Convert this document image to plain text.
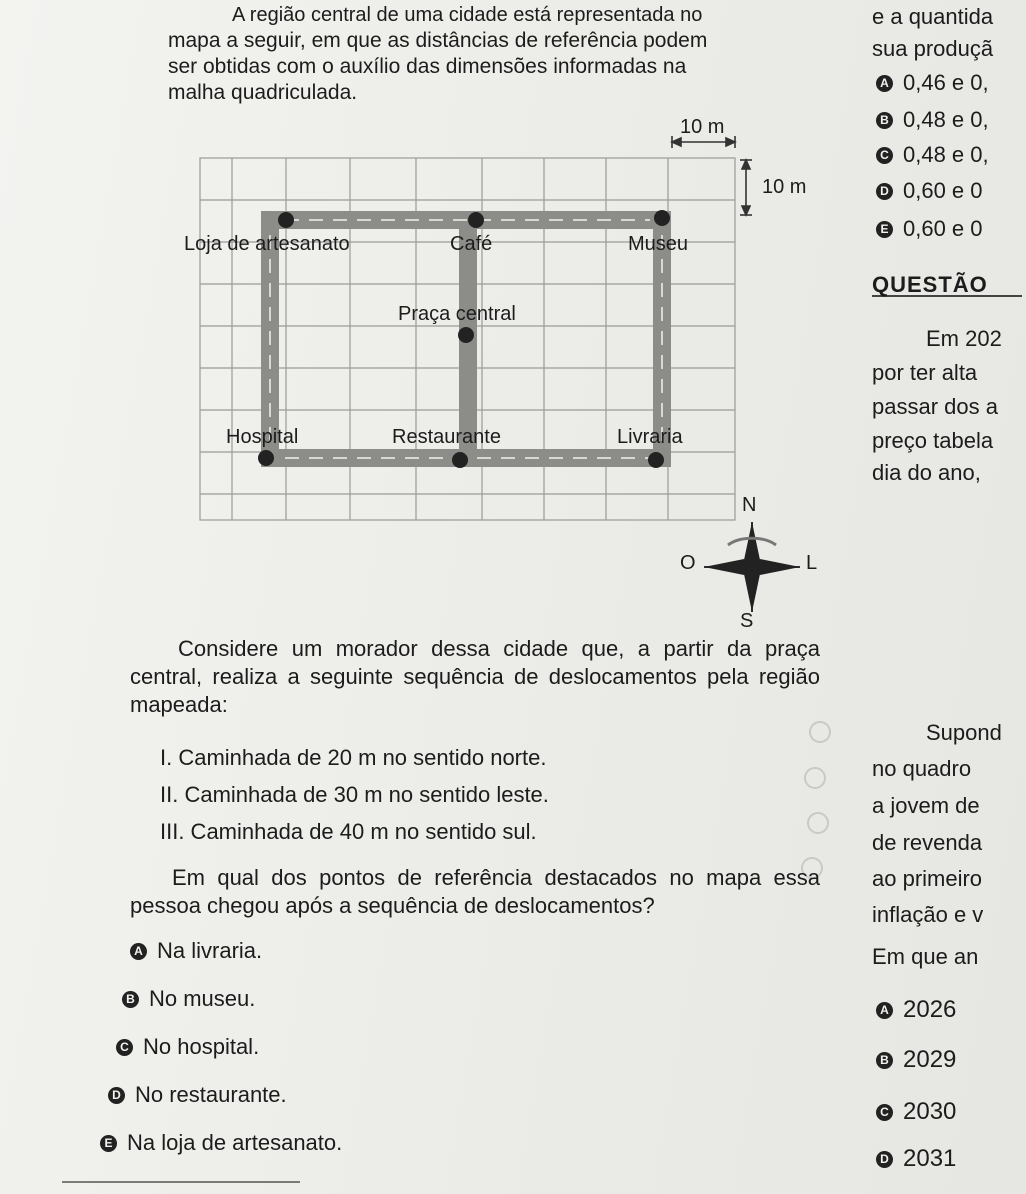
A região central de uma cidade está representada no
mapa a seguir, em que as distâncias de referência podem
ser obtidas com o auxílio das dimensões informadas na
malha quadriculada.
10 m
10 m
Loja de artesanato	Café	Museu
Praça central
Hospital	Restaurante	Livraria
N
S
O	L
Considere um morador dessa cidade que, a partir da praça central, realiza a seguinte sequência de deslocamentos pela região mapeada:
I. Caminhada de 20 m no sentido norte.
II. Caminhada de 30 m no sentido leste.
III. Caminhada de 40 m no sentido sul.
Em qual dos pontos de referência destacados no mapa essa pessoa chegou após a sequência de deslocamentos?
A Na livraria.
B No museu.
C No hospital.
D No restaurante.
E Na loja de artesanato.
e a quantida
sua produçã
A 0,46 e 0,
B 0,48 e 0,
C 0,48 e 0,
D 0,60 e 0
E 0,60 e 0
QUESTÃO
Em 202
por ter alta
passar dos a
preço tabela
dia do ano,
Supond
no quadro
a jovem de
de revenda
ao primeiro
inflação e v
Em que an
A 2026
B 2029
C 2030
D 2031
